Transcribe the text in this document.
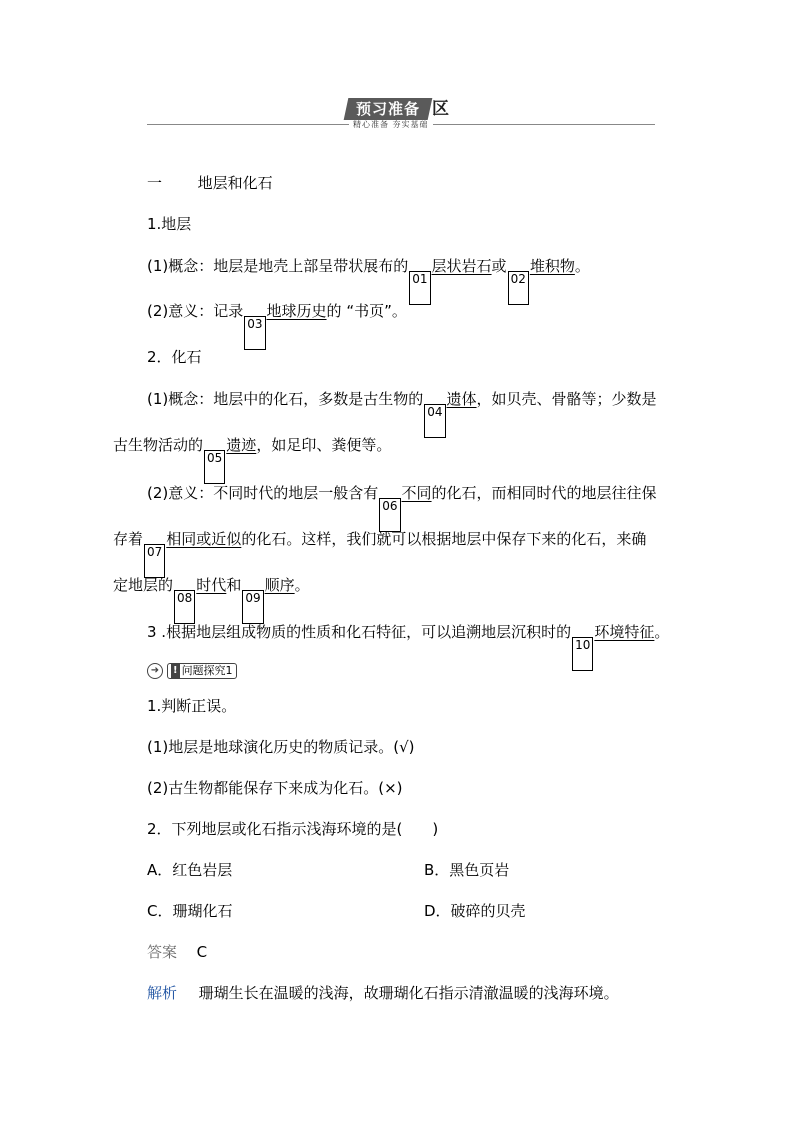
预习准备 区
精心准备 夯实基础
一 地层和化石
1.地层
(1)概念：地层是地壳上部呈带状展布的
01
层状岩石或
02
堆积物。
(2)意义：记录
03
地球历史的 “书页”。
2．化石
(1)概念：地层中的化石，多数是古生物的
04
遗体，如贝壳、骨骼等；少数是
古生物活动的
05
遗迹，如足印、粪便等。
(2)意义：不同时代的地层一般含有
06
不同的化石，而相同时代的地层往往保
存着
07
相同或近似的化石。这样，我们就可以根据地层中保存下来的化石，来确
定地层的
08
时代和
09
顺序。
3 .根据地层组成物质的性质和化石特征，可以追溯地层沉积时的
10
环境特征。
➜	! 问题探究1
1.判断正误。
(1)地层是地球演化历史的物质记录。(√)
(2)古生物都能保存下来成为化石。(×)
2．下列地层或化石指示浅海环境的是(　　)
A．红色岩层	B．黑色页岩
C．珊瑚化石	D．破碎的贝壳
答案 C
解析 珊瑚生长在温暖的浅海，故珊瑚化石指示清澈温暖的浅海环境。
